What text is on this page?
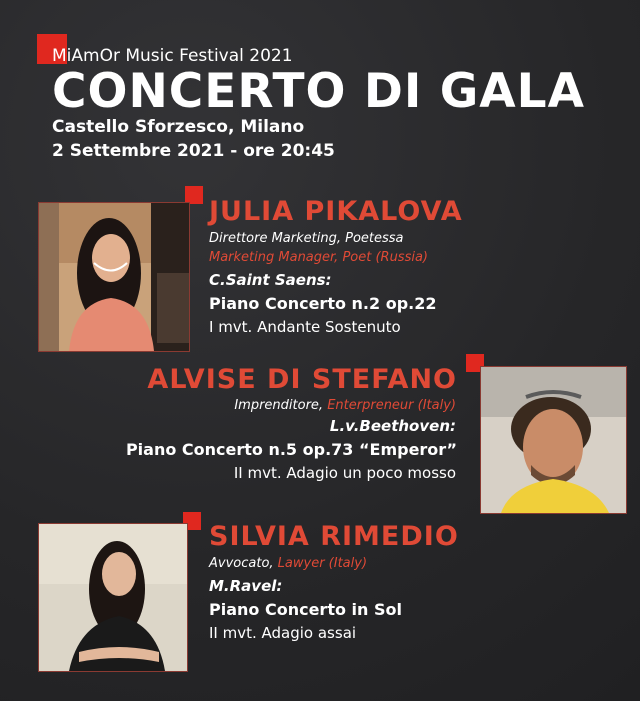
MiAmOr Music Festival 2021
CONCERTO DI GALA
Castello Sforzesco, Milano
2 Settembre 2021 - ore 20:45
JULIA PIKALOVA
Direttore Marketing, Poetessa
Marketing Manager, Poet (Russia)
C.Saint Saens:
Piano Concerto n.2 op.22
I mvt. Andante Sostenuto
ALVISE DI STEFANO
Imprenditore, Enterpreneur (Italy)
L.v.Beethoven:
Piano Concerto n.5 op.73 “Emperor”
II mvt. Adagio un poco mosso
SILVIA RIMEDIO
Avvocato, Lawyer (Italy)
M.Ravel:
Piano Concerto in Sol
II mvt. Adagio assai
